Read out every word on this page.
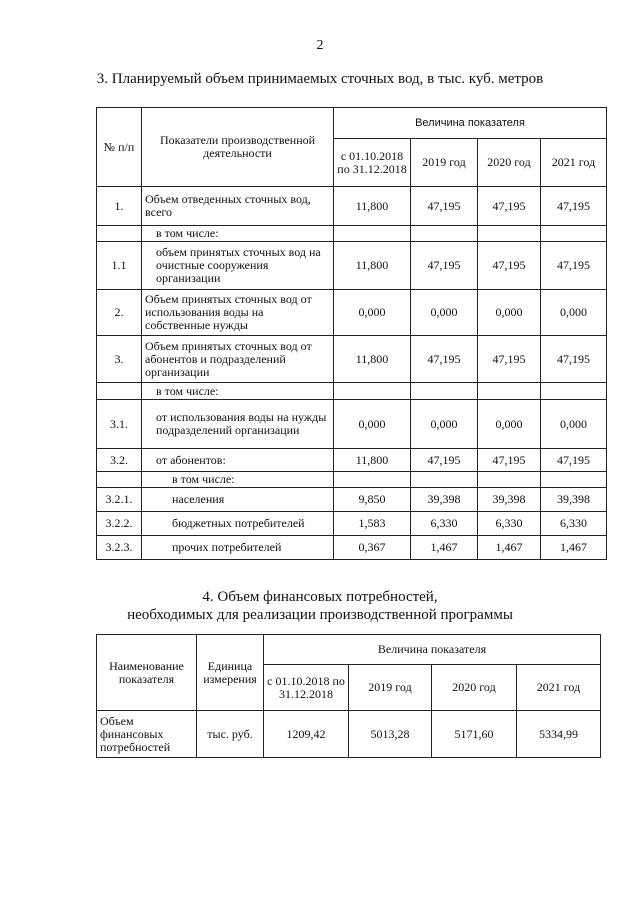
2
3. Планируемый объем принимаемых сточных вод, в тыс. куб. метров
№ п/п	Показатели производственной деятельности	Величина показателя			
		с 01.10.2018 по 31.12.2018	2019 год	2020 год	2021 год
1.	Объем отведенных сточных вод, всего	11,800	47,195	47,195	47,195
	в том числе:				
1.1	объем принятых сточных вод на очистные сооружения организации	11,800	47,195	47,195	47,195
2.	Объем принятых сточных вод от использования воды на собственные нужды	0,000	0,000	0,000	0,000
3.	Объем принятых сточных вод от абонентов и подразделений организации	11,800	47,195	47,195	47,195
	в том числе:				
3.1.	от использования воды на нужды подразделений организации	0,000	0,000	0,000	0,000
3.2.	от абонентов:	11,800	47,195	47,195	47,195
	в том числе:				
3.2.1.	населения	9,850	39,398	39,398	39,398
3.2.2.	бюджетных потребителей	1,583	6,330	6,330	6,330
3.2.3.	прочих потребителей	0,367	1,467	1,467	1,467
4. Объем финансовых потребностей,
необходимых для реализации производственной программы
Наименование показателя	Единица измерения	Величина показателя			
		с 01.10.2018 по 31.12.2018	2019 год	2020 год	2021 год
Объем финансовых потребностей	тыс. руб.	1209,42	5013,28	5171,60	5334,99
